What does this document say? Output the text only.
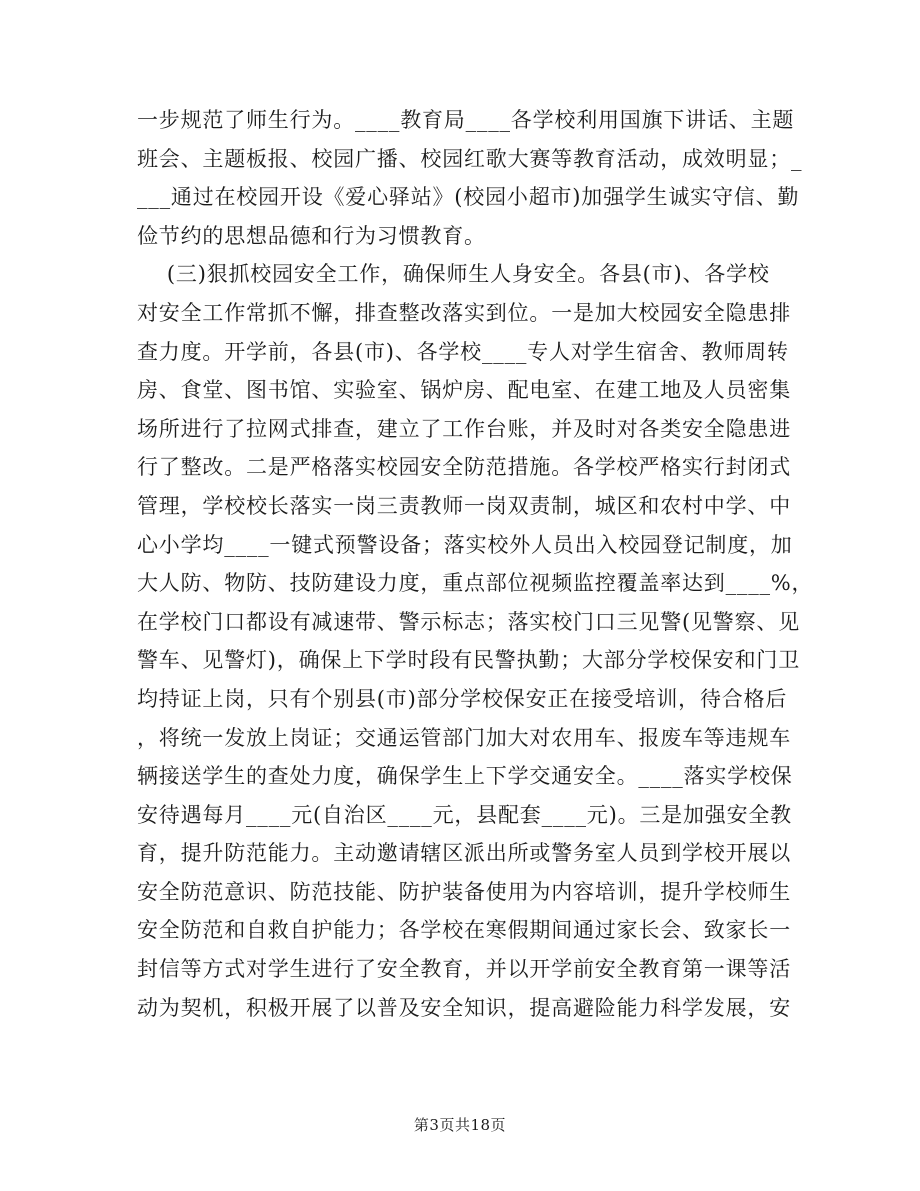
一步规范了师生行为。____教育局____各学校利用国旗下讲话、主题
班会、主题板报、校园广播、校园红歌大赛等教育活动，成效明显；_
___通过在校园开设《爱心驿站》(校园小超市)加强学生诚实守信、勤
俭节约的思想品德和行为习惯教育。
(三)狠抓校园安全工作，确保师生人身安全。各县(市)、各学校
对安全工作常抓不懈，排查整改落实到位。一是加大校园安全隐患排
查力度。开学前，各县(市)、各学校____专人对学生宿舍、教师周转
房、食堂、图书馆、实验室、锅炉房、配电室、在建工地及人员密集
场所进行了拉网式排查，建立了工作台账，并及时对各类安全隐患进
行了整改。二是严格落实校园安全防范措施。各学校严格实行封闭式
管理，学校校长落实一岗三责教师一岗双责制，城区和农村中学、中
心小学均____一键式预警设备；落实校外人员出入校园登记制度，加
大人防、物防、技防建设力度，重点部位视频监控覆盖率达到____%，
在学校门口都设有减速带、警示标志；落实校门口三见警(见警察、见
警车、见警灯)，确保上下学时段有民警执勤；大部分学校保安和门卫
均持证上岗，只有个别县(市)部分学校保安正在接受培训，待合格后
，将统一发放上岗证；交通运管部门加大对农用车、报废车等违规车
辆接送学生的查处力度，确保学生上下学交通安全。____落实学校保
安待遇每月____元(自治区____元，县配套____元)。三是加强安全教
育，提升防范能力。主动邀请辖区派出所或警务室人员到学校开展以
安全防范意识、防范技能、防护装备使用为内容培训，提升学校师生
安全防范和自救自护能力；各学校在寒假期间通过家长会、致家长一
封信等方式对学生进行了安全教育，并以开学前安全教育第一课等活
动为契机，积极开展了以普及安全知识，提高避险能力科学发展，安
第3页共18页
